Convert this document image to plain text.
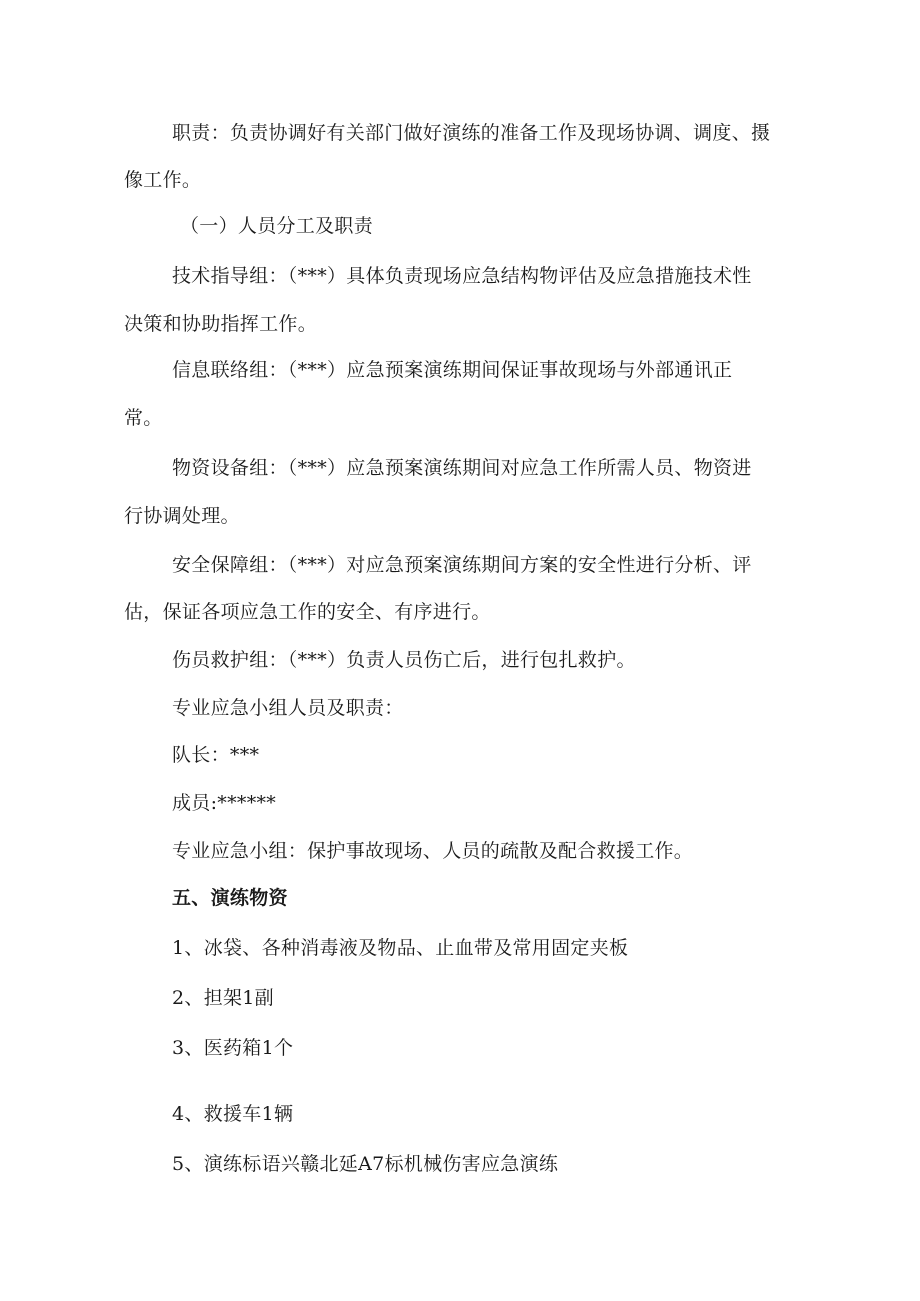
职责：负责协调好有关部门做好演练的准备工作及现场协调、调度、摄
像工作。
（一）人员分工及职责
技术指导组：（***）具体负责现场应急结构物评估及应急措施技术性
决策和协助指挥工作。
信息联络组：（***）应急预案演练期间保证事故现场与外部通讯正
常。
物资设备组：（***）应急预案演练期间对应急工作所需人员、物资进
行协调处理。
安全保障组：（***）对应急预案演练期间方案的安全性进行分析、评
估，保证各项应急工作的安全、有序进行。
伤员救护组：（***）负责人员伤亡后，进行包扎救护。
专业应急小组人员及职责：
队长：***
成员:******
专业应急小组：保护事故现场、人员的疏散及配合救援工作。
五、演练物资
1、冰袋、各种消毒液及物品、止血带及常用固定夹板
2、担架1副
3、医药箱1个
4、救援车1辆
5、演练标语兴赣北延A7标机械伤害应急演练
